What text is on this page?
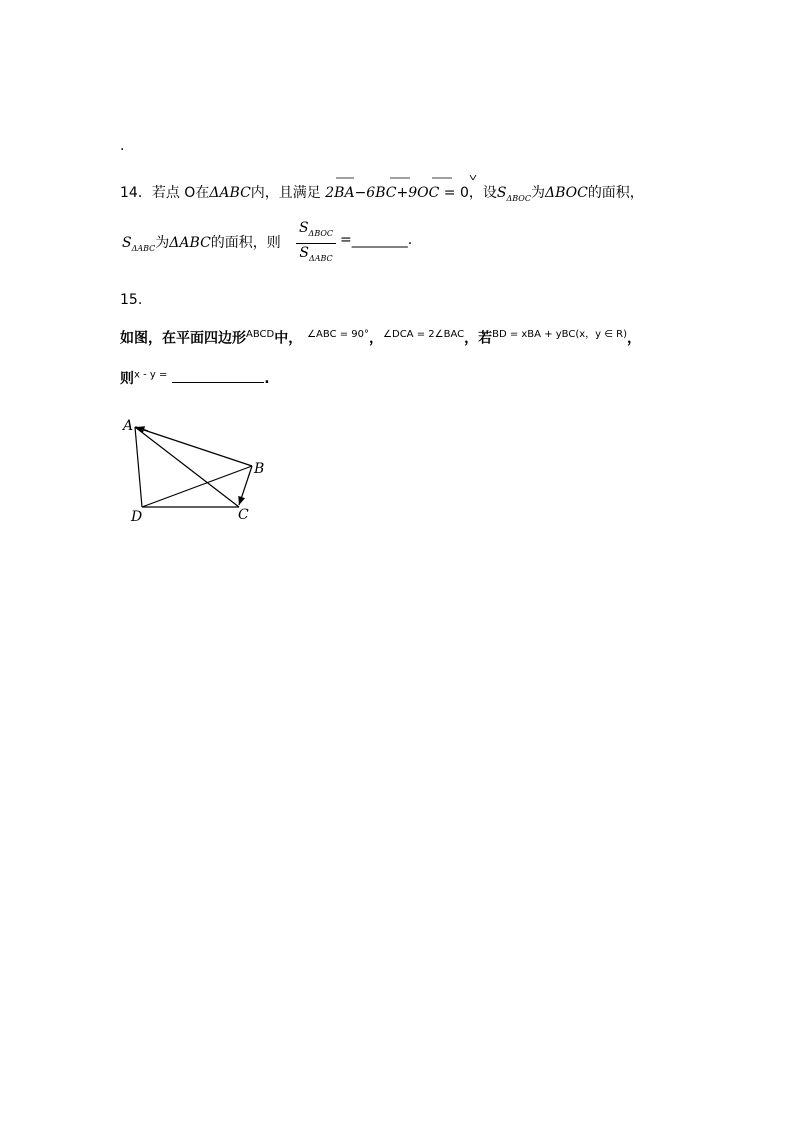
.
14．若点 O在ΔABC内，且满足 2BA−6BC+9OC = 0，设$S_{\Delta BOC}$为ΔBOC的面积，
$S_{\Delta ABC}$为ΔABC的面积，则
$S_{\Delta BOC}$
$S_{\Delta ABC}$
=________.
15.
如图，在平面四边形$^{ABCD}$中， $^{\angle ABC = 90^\circ}$，$^{\angle DCA = 2\angle BAC}$，若$^{BD = xBA + yBC(x,y \in R)}$，
则$^{x - y =}$	.
A
B
C
D
